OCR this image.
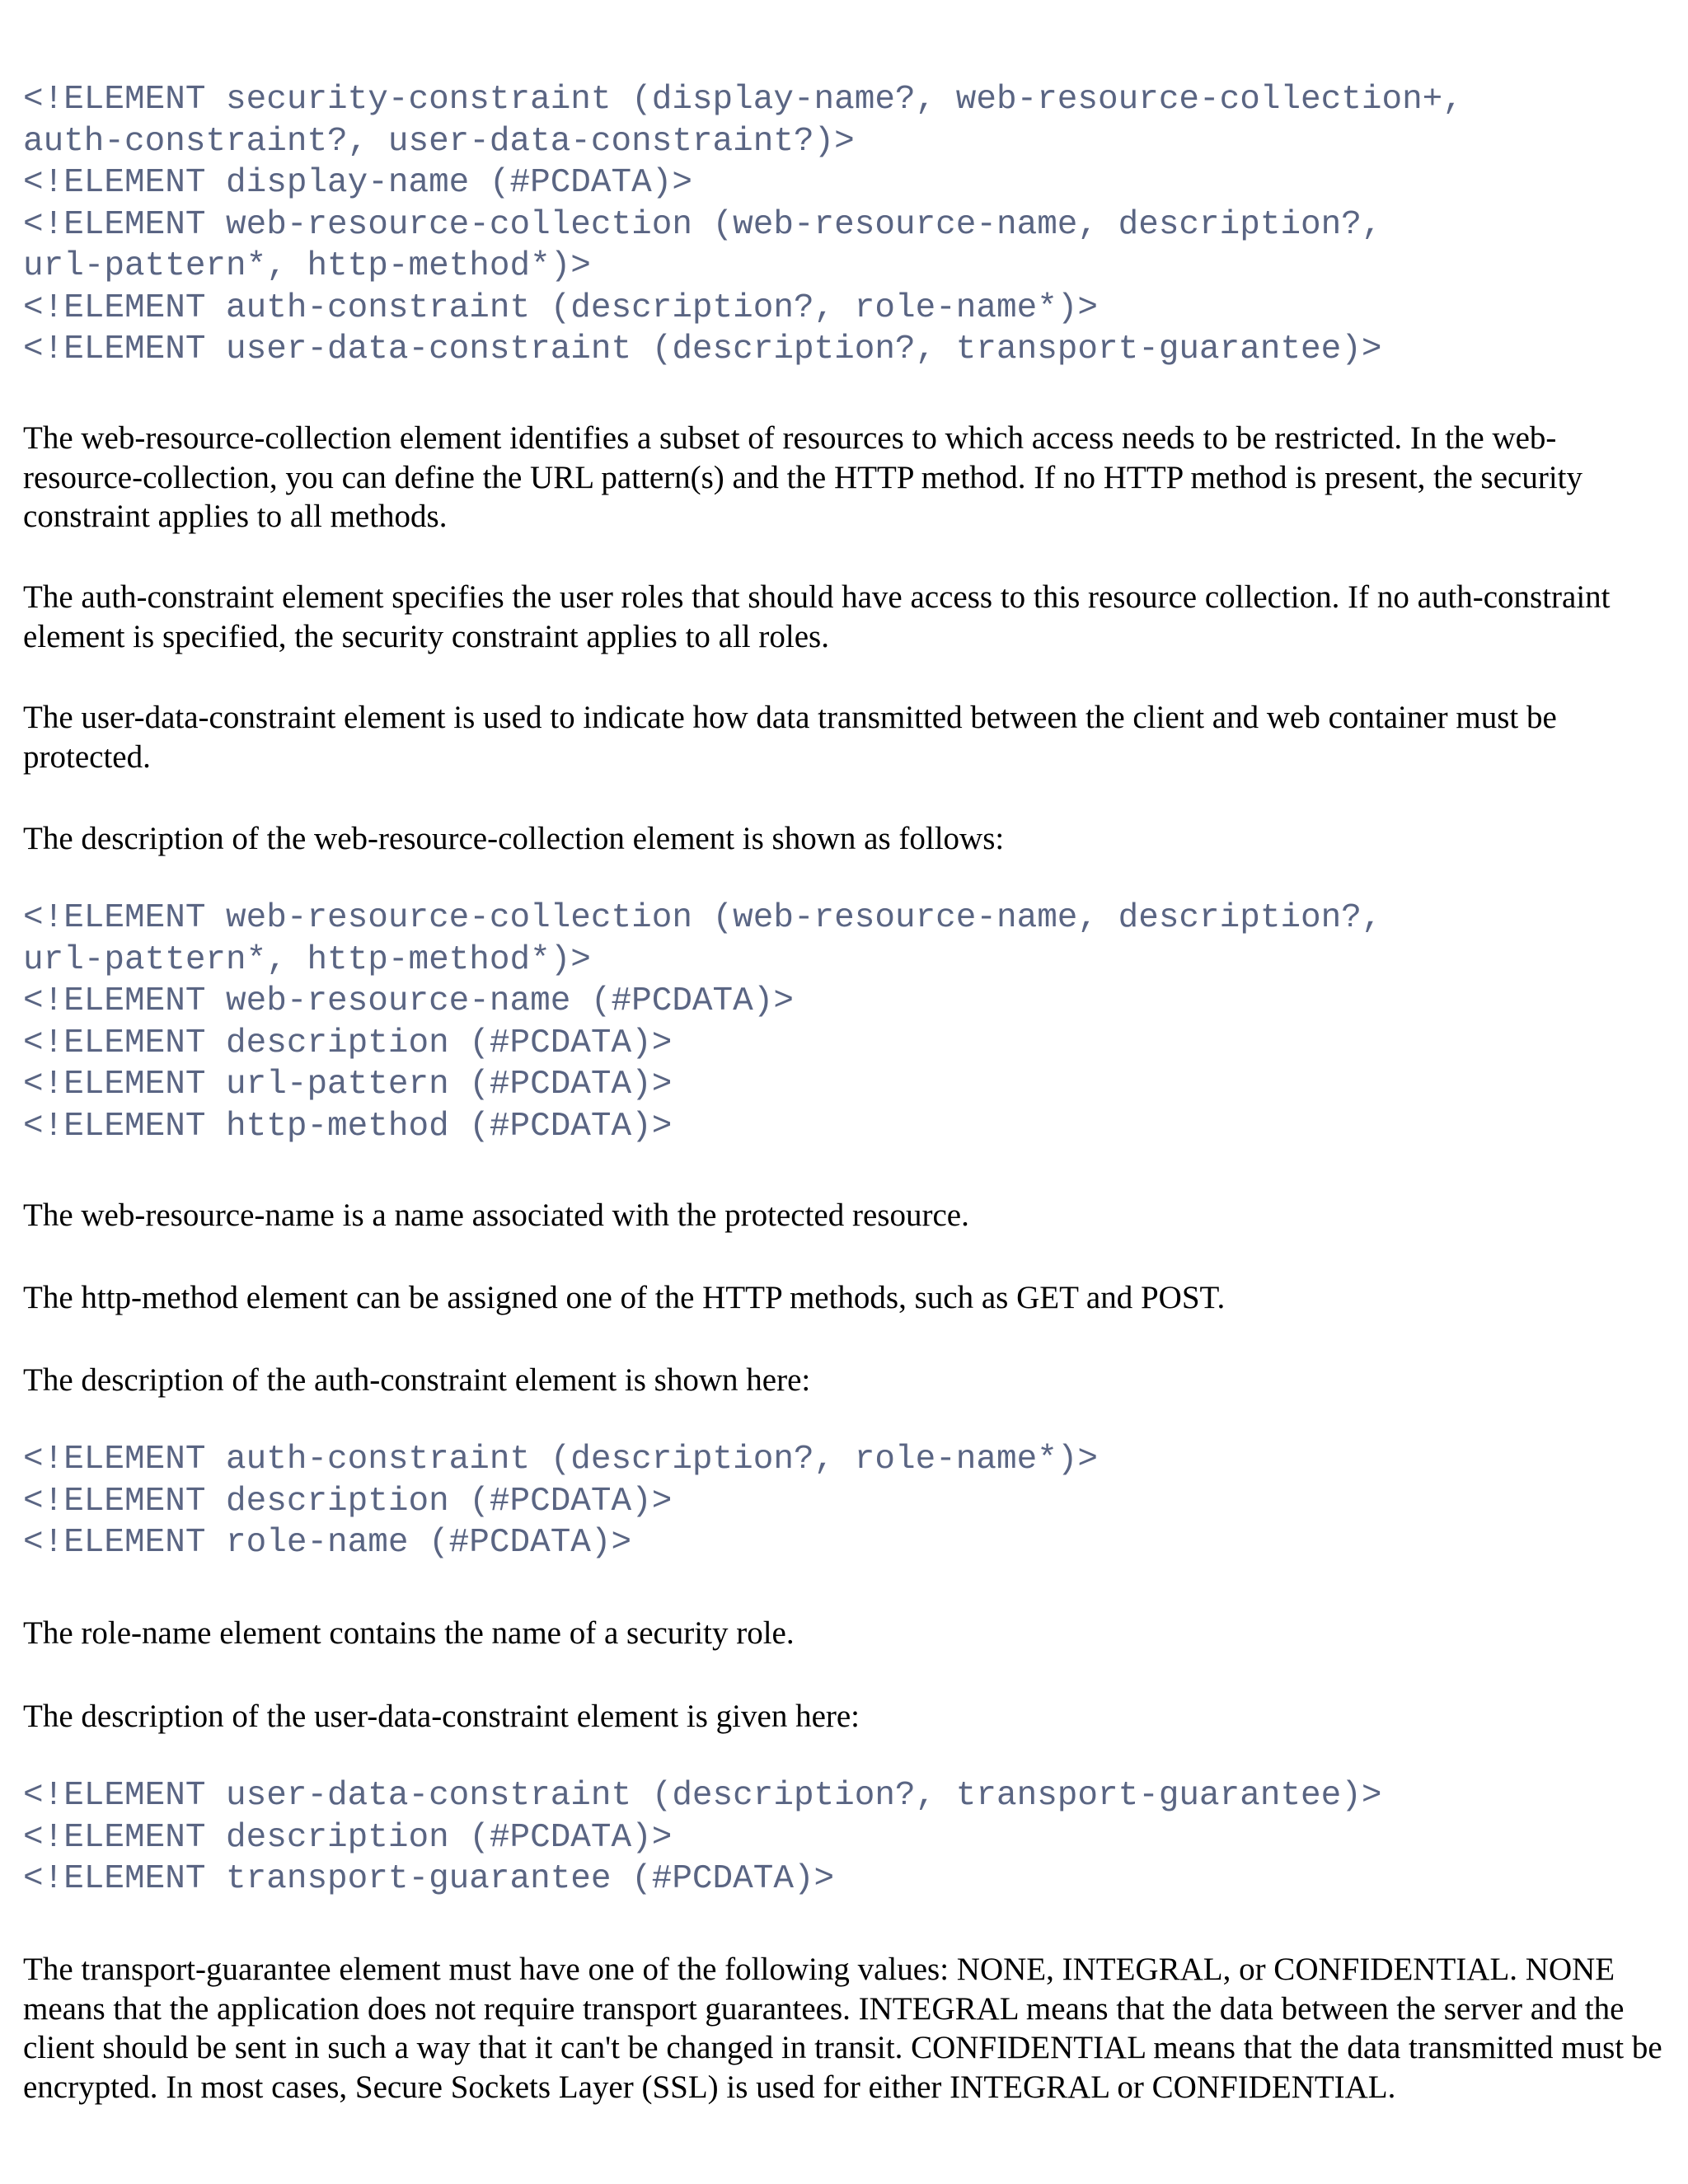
<!ELEMENT security-constraint (display-name?, web-resource-collection+,
auth-constraint?, user-data-constraint?)>
<!ELEMENT display-name (#PCDATA)>
<!ELEMENT web-resource-collection (web-resource-name, description?,
url-pattern*, http-method*)>
<!ELEMENT auth-constraint (description?, role-name*)>
<!ELEMENT user-data-constraint (description?, transport-guarantee)>

The web-resource-collection element identifies a subset of resources to which access needs to be restricted. In the web-resource-collection, you can define the URL pattern(s) and the HTTP method. If no HTTP method is present, the security constraint applies to all methods.

The auth-constraint element specifies the user roles that should have access to this resource collection. If no auth-constraint element is specified, the security constraint applies to all roles.

The user-data-constraint element is used to indicate how data transmitted between the client and web container must be protected.

The description of the web-resource-collection element is shown as follows:

<!ELEMENT web-resource-collection (web-resource-name, description?,
url-pattern*, http-method*)>
<!ELEMENT web-resource-name (#PCDATA)>
<!ELEMENT description (#PCDATA)>
<!ELEMENT url-pattern (#PCDATA)>
<!ELEMENT http-method (#PCDATA)>

The web-resource-name is a name associated with the protected resource.

The http-method element can be assigned one of the HTTP methods, such as GET and POST.

The description of the auth-constraint element is shown here:

<!ELEMENT auth-constraint (description?, role-name*)>
<!ELEMENT description (#PCDATA)>
<!ELEMENT role-name (#PCDATA)>

The role-name element contains the name of a security role.

The description of the user-data-constraint element is given here:

<!ELEMENT user-data-constraint (description?, transport-guarantee)>
<!ELEMENT description (#PCDATA)>
<!ELEMENT transport-guarantee (#PCDATA)>

The transport-guarantee element must have one of the following values: NONE, INTEGRAL, or CONFIDENTIAL. NONE means that the application does not require transport guarantees. INTEGRAL means that the data between the server and the client should be sent in such a way that it can't be changed in transit. CONFIDENTIAL means that the data transmitted must be encrypted. In most cases, Secure Sockets Layer (SSL) is used for either INTEGRAL or CONFIDENTIAL.
